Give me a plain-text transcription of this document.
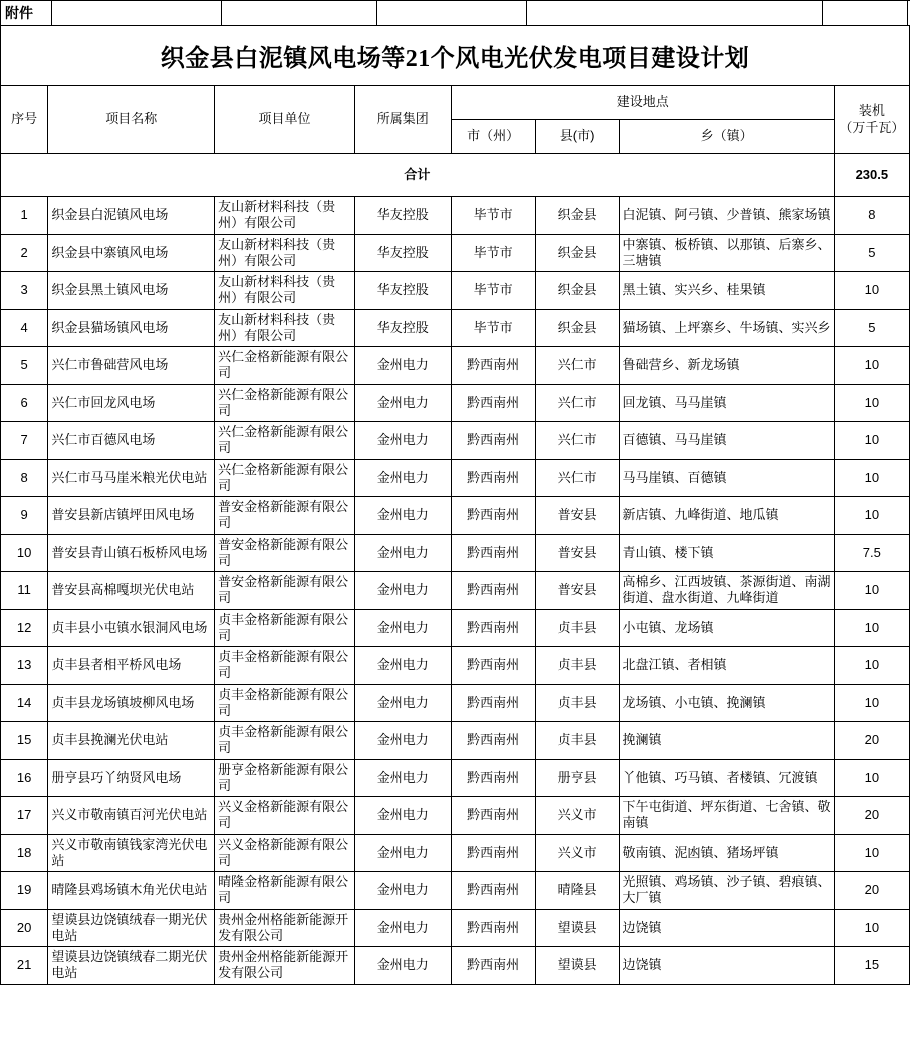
附件
织金县白泥镇风电场等21个风电光伏发电项目建设计划
序号	项目名称	项目单位	所属集团	建设地点			装机
（万千瓦）

				市（州）	县(市)	乡（镇）	
合计							230.5
1	织金县白泥镇风电场	友山新材料科技（贵州）有限公司	华友控股	毕节市	织金县	白泥镇、阿弓镇、少普镇、熊家场镇	8
2	织金县中寨镇风电场	友山新材料科技（贵州）有限公司	华友控股	毕节市	织金县	中寨镇、板桥镇、以那镇、后寨乡、三塘镇	5
3	织金县黑土镇风电场	友山新材料科技（贵州）有限公司	华友控股	毕节市	织金县	黑土镇、实兴乡、桂果镇	10
4	织金县猫场镇风电场	友山新材料科技（贵州）有限公司	华友控股	毕节市	织金县	猫场镇、上坪寨乡、牛场镇、实兴乡	5
5	兴仁市鲁础营风电场	兴仁金格新能源有限公司	金州电力	黔西南州	兴仁市	鲁础营乡、新龙场镇	10
6	兴仁市回龙风电场	兴仁金格新能源有限公司	金州电力	黔西南州	兴仁市	回龙镇、马马崖镇	10
7	兴仁市百德风电场	兴仁金格新能源有限公司	金州电力	黔西南州	兴仁市	百德镇、马马崖镇	10
8	兴仁市马马崖米粮光伏电站	兴仁金格新能源有限公司	金州电力	黔西南州	兴仁市	马马崖镇、百德镇	10
9	普安县新店镇坪田风电场	普安金格新能源有限公司	金州电力	黔西南州	普安县	新店镇、九峰街道、地瓜镇	10
10	普安县青山镇石板桥风电场	普安金格新能源有限公司	金州电力	黔西南州	普安县	青山镇、楼下镇	7.5
11	普安县高棉嘎坝光伏电站	普安金格新能源有限公司	金州电力	黔西南州	普安县	高棉乡、江西坡镇、茶源街道、南湖街道、盘水街道、九峰街道	10
12	贞丰县小屯镇水银洞风电场	贞丰金格新能源有限公司	金州电力	黔西南州	贞丰县	小屯镇、龙场镇	10
13	贞丰县者相平桥风电场	贞丰金格新能源有限公司	金州电力	黔西南州	贞丰县	北盘江镇、者相镇	10
14	贞丰县龙场镇坡柳风电场	贞丰金格新能源有限公司	金州电力	黔西南州	贞丰县	龙场镇、小屯镇、挽澜镇	10
15	贞丰县挽澜光伏电站	贞丰金格新能源有限公司	金州电力	黔西南州	贞丰县	挽澜镇	20
16	册亨县巧丫纳贤风电场	册亨金格新能源有限公司	金州电力	黔西南州	册亨县	丫他镇、巧马镇、者楼镇、冗渡镇	10
17	兴义市敬南镇百河光伏电站	兴义金格新能源有限公司	金州电力	黔西南州	兴义市	下午屯街道、坪东街道、七舍镇、敬南镇	20
18	兴义市敬南镇钱家湾光伏电站	兴义金格新能源有限公司	金州电力	黔西南州	兴义市	敬南镇、泥凼镇、猪场坪镇	10
19	晴隆县鸡场镇木角光伏电站	晴隆金格新能源有限公司	金州电力	黔西南州	晴隆县	光照镇、鸡场镇、沙子镇、碧痕镇、大厂镇	20
20	望谟县边饶镇绒春一期光伏电站	贵州金州格能新能源开发有限公司	金州电力	黔西南州	望谟县	边饶镇	10
21	望谟县边饶镇绒春二期光伏电站	贵州金州格能新能源开发有限公司	金州电力	黔西南州	望谟县	边饶镇	15
